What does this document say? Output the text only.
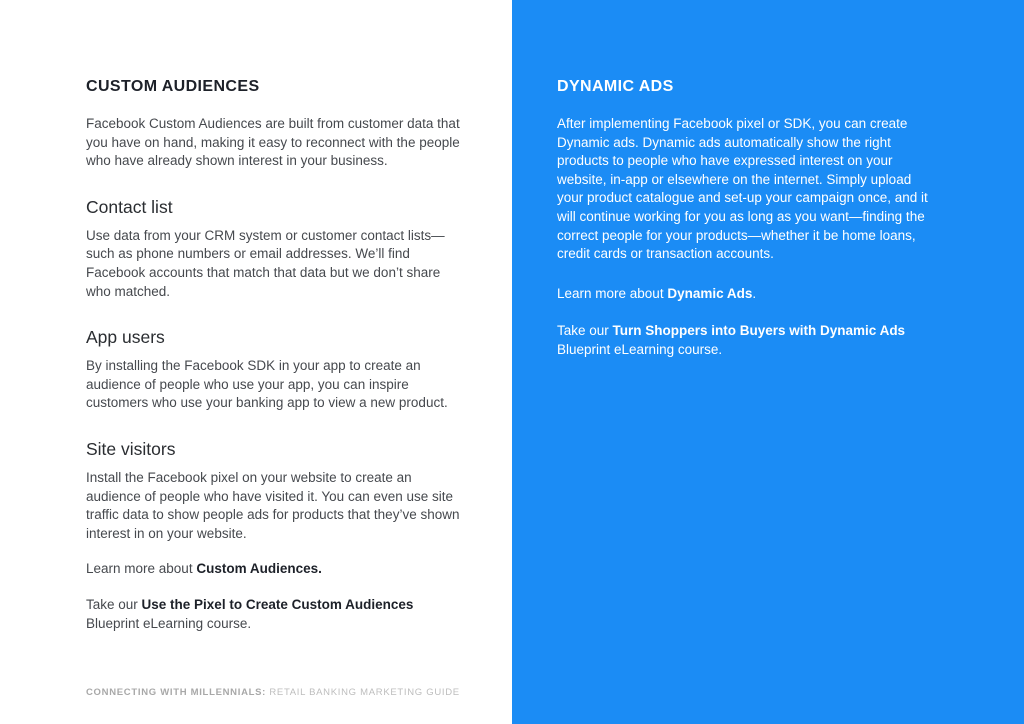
CUSTOM AUDIENCES

Facebook Custom Audiences are built from customer data that you have on hand, making it easy to reconnect with the people who have already shown interest in your business.

Contact list

Use data from your CRM system or customer contact lists—such as phone numbers or email addresses. We’ll find Facebook accounts that match that data but we don’t share who matched.

App users

By installing the Facebook SDK in your app to create an audience of people who use your app, you can inspire customers who use your banking app to view a new product.

Site visitors

Install the Facebook pixel on your website to create an audience of people who have visited it. You can even use site traffic data to show people ads for products that they’ve shown interest in on your website.

Learn more about Custom Audiences.

Take our Use the Pixel to Create Custom Audiences Blueprint eLearning course.

CONNECTING WITH MILLENNIALS: RETAIL BANKING MARKETING GUIDE
DYNAMIC ADS

After implementing Facebook pixel or SDK, you can create Dynamic ads. Dynamic ads automatically show the right products to people who have expressed interest on your website, in-app or elsewhere on the internet. Simply upload your product catalogue and set-up your campaign once, and it will continue working for you as long as you want—finding the correct people for your products—whether it be home loans, credit cards or transaction accounts.

Learn more about Dynamic Ads.

Take our Turn Shoppers into Buyers with Dynamic Ads Blueprint eLearning course.
